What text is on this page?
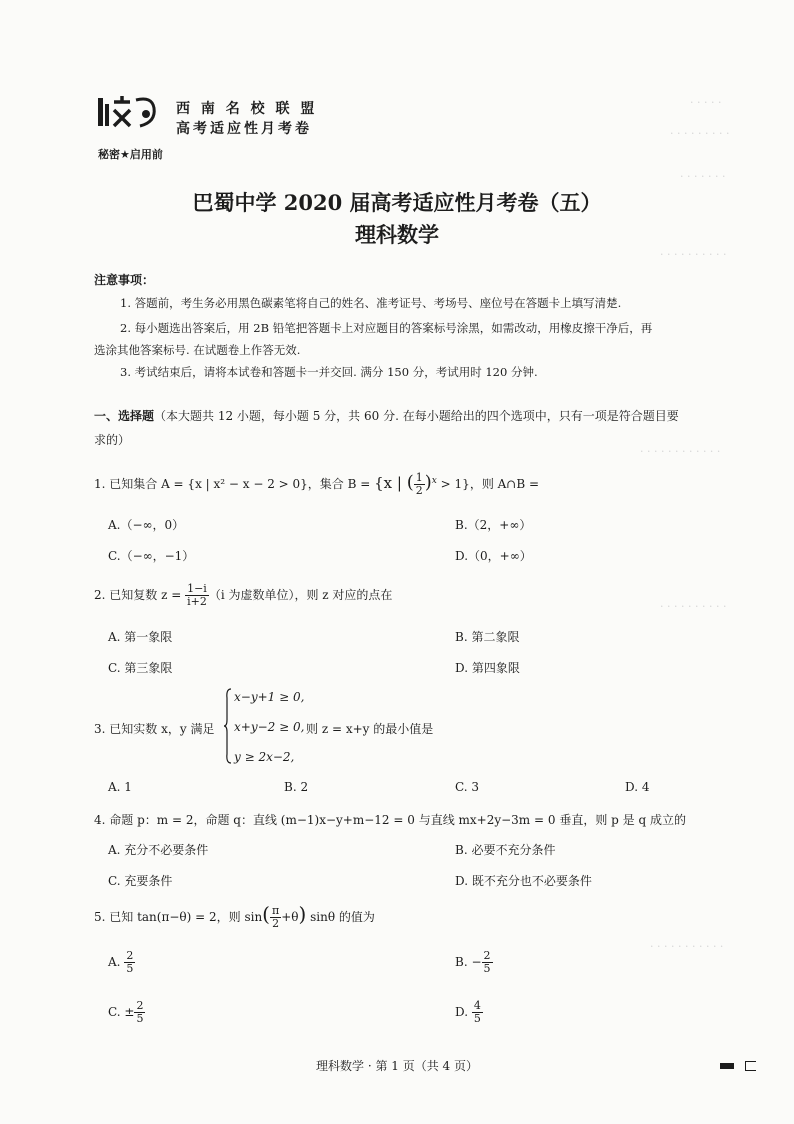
· · · · ·
· · · · · · · · ·
· · · · · · ·
· · · · · · · · · ·
· · · · · · · · · · · ·
· · · · · · · · · ·
· · · · · · · · · · ·
西 南 名 校 联 盟
高考适应性月考卷
秘密★启用前
巴蜀中学 2020 届高考适应性月考卷（五）
理科数学
注意事项：
1. 答题前，考生务必用黑色碳素笔将自己的姓名、准考证号、考场号、座位号在答题卡上填写清楚.
2. 每小题选出答案后，用 2B 铅笔把答题卡上对应题目的答案标号涂黑，如需改动，用橡皮擦干净后，再
选涂其他答案标号. 在试题卷上作答无效.
3. 考试结束后，请将本试卷和答题卡一并交回. 满分 150 分，考试用时 120 分钟.
一、选择题（本大题共 12 小题，每小题 5 分，共 60 分. 在每小题给出的四个选项中，只有一项是符合题目要
求的）
1. 已知集合 A = {x | x² − x − 2 > 0}，集合 B = {x | ( $\frac{1}{2} )^x > 1$}，则 A∩B =
A.（−∞，0）	B.（2，+∞）
C.（−∞，−1）	D.（0，+∞）
2. 已知复数 $z = \frac{1-i}{i+2} (i$ 为虚数单位），则 z 对应的点在
A. 第一象限	B. 第二象限
C. 第三象限	D. 第四象限
3. 已知实数 x，y 满足
x−y+1 ≥ 0,
x+y−2 ≥ 0,
y ≥ 2x−2,
则 z = x+y 的最小值是
A. 1	B. 2	C. 3	D. 4
4. 命题 p：m = 2，命题 q：直线 (m−1)x−y+m−12 = 0 与直线 mx+2y−3m = 0 垂直，则 p 是 q 成立的
A. 充分不必要条件	B. 必要不充分条件
C. 充要条件	D. 既不充分也不必要条件
5. 已知 tan(π−θ) = 2，则 $\sin( \frac{\pi}{2} +\theta)$ sinθ 的值为
A. $\frac{2}{5}$	B. − $\frac{2}{5}$
C. ± $\frac{2}{5}$	D. $\frac{4}{5}$
理科数学 · 第 1 页（共 4 页）
